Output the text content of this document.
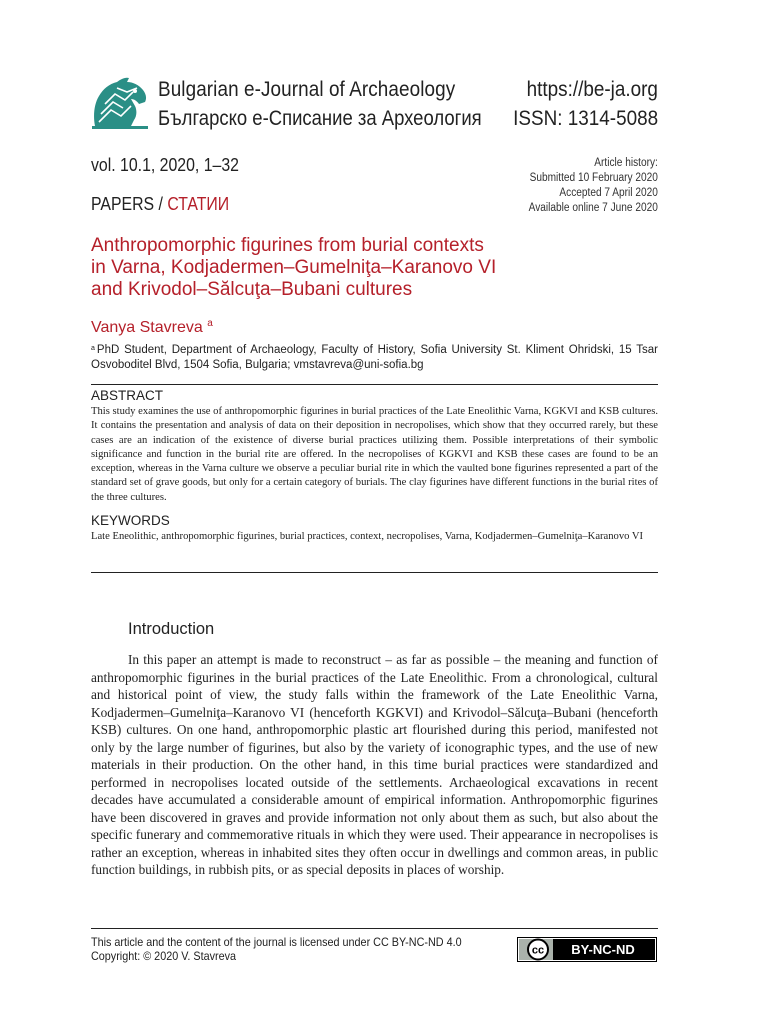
Bulgarian e-Journal of Archaeology
Българско е-Списание за Археология
https://be-ja.org
ISSN: 1314-5088
vol. 10.1, 2020, 1–32
PAPERS / СТАТИИ
Article history:
Submitted 10 February 2020
Accepted 7 April 2020
Available online 7 June 2020
Anthropomorphic figurines from burial contexts
in Varna, Kodjadermen–Gumelniţa–Karanovo VI
and Krivodol–Sălcuţa–Bubani cultures
Vanya Stavreva $^a$
$^a$ PhD Student, Department of Archaeology, Faculty of History, Sofia University St. Kliment Ohridski, 15 Tsar Osvoboditel Blvd, 1504 Sofia, Bulgaria; vmstavreva@uni-sofia.bg
ABSTRACT
This study examines the use of anthropomorphic figurines in burial practices of the Late Eneolithic Varna, KGKVI and KSB cultures. It contains the presentation and analysis of data on their deposition in necropolises, which show that they occurred rarely, but these cases are an indication of the existence of diverse burial practices utilizing them. Possible interpretations of their symbolic significance and function in the burial rite are offered. In the necropolises of KGKVI and KSB these cases are found to be an exception, whereas in the Varna culture we observe a peculiar burial rite in which the vaulted bone figurines represented a part of the standard set of grave goods, but only for a certain category of burials. The clay figurines have different functions in the burial rites of the three cultures.
KEYWORDS
Late Eneolithic, anthropomorphic figurines, burial practices, context, necropolises, Varna, Kodjadermen–Gumelniţa–Karanovo VI
Introduction
In this paper an attempt is made to reconstruct – as far as possible – the meaning and function of anthropomorphic figurines in the burial practices of the Late Eneolithic. From a chronological, cultural and historical point of view, the study falls within the framework of the Late Eneolithic Varna, Kodjadermen–Gumelniţa–Karanovo VI (henceforth KGKVI) and Krivodol–Sălcuţa–Bubani (henceforth KSB) cultures. On one hand, anthropomorphic plastic art flourished during this period, manifested not only by the large number of figurines, but also by the variety of iconographic types, and the use of new materials in their production. On the other hand, in this time burial practices were standardized and performed in necropolises located outside of the settlements. Archaeological excavations in recent decades have accumulated a considerable amount of empirical information. Anthropomorphic figurines have been discovered in graves and provide information not only about them as such, but also about the specific funerary and commemorative rituals in which they were used. Their appearance in necropolises is rather an exception, whereas in inhabited sites they often occur in dwellings and common areas, in public function buildings, in rubbish pits, or as special deposits in places of worship.
This article and the content of the journal is licensed under CC BY-NC-ND 4.0
Copyright: © 2020 V. Stavreva	cc BY-NC-ND
